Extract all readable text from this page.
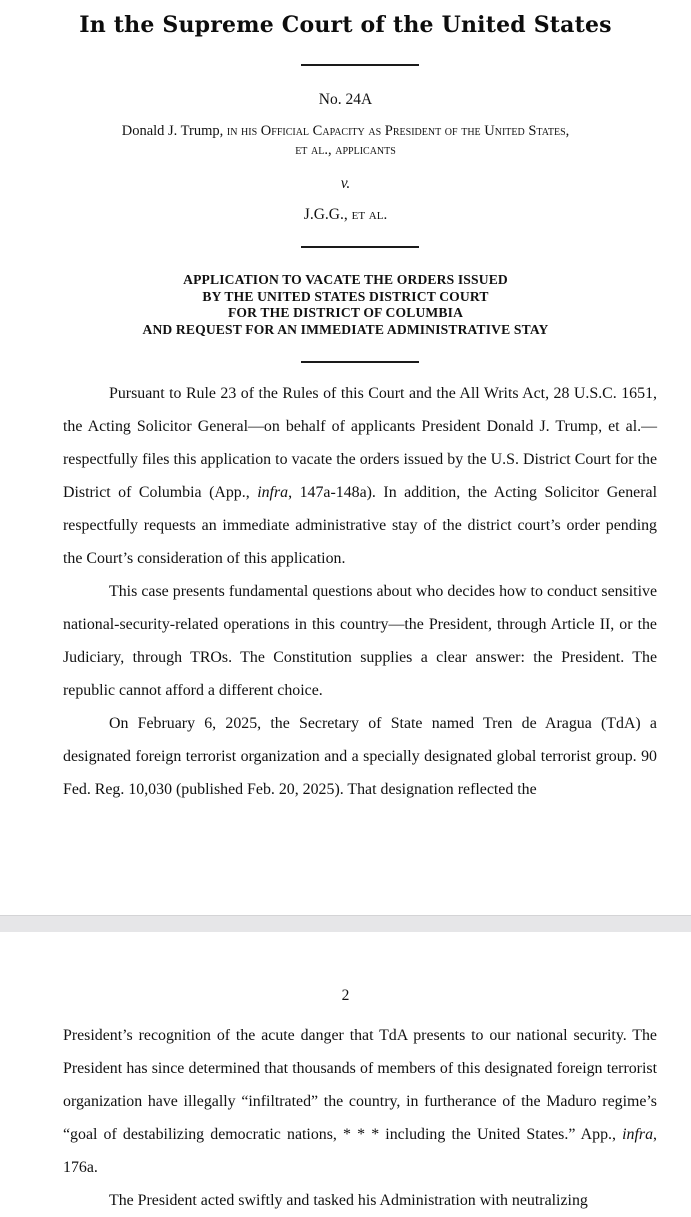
In the Supreme Court of the United States
No. 24A
Donald J. Trump, in his Official Capacity as President of the United States,
et al., applicants
v.
J.G.G., et al.
APPLICATION TO VACATE THE ORDERS ISSUED
BY THE UNITED STATES DISTRICT COURT
FOR THE DISTRICT OF COLUMBIA
AND REQUEST FOR AN IMMEDIATE ADMINISTRATIVE STAY

Pursuant to Rule 23 of the Rules of this Court and the All Writs Act, 28 U.S.C. 1651, the Acting Solicitor General—on behalf of applicants President Donald J. Trump, et al.—respectfully files this application to vacate the orders issued by the U.S. District Court for the District of Columbia (App., infra, 147a-148a). In addition, the Acting Solicitor General respectfully requests an immediate administrative stay of the district court’s order pending the Court’s consideration of this application.

This case presents fundamental questions about who decides how to conduct sensitive national-security-related operations in this country—the President, through Article II, or the Judiciary, through TROs. The Constitution supplies a clear answer: the President. The republic cannot afford a different choice.

On February 6, 2025, the Secretary of State named Tren de Aragua (TdA) a designated foreign terrorist organization and a specially designated global terrorist group. 90 Fed. Reg. 10,030 (published Feb. 20, 2025). That designation reflected the

2

President’s recognition of the acute danger that TdA presents to our national security. The President has since determined that thousands of members of this designated foreign terrorist organization have illegally “infiltrated” the country, in furtherance of the Maduro regime’s “goal of destabilizing democratic nations, * * * including the United States.” App., infra, 176a.

The President acted swiftly and tasked his Administration with neutralizing
